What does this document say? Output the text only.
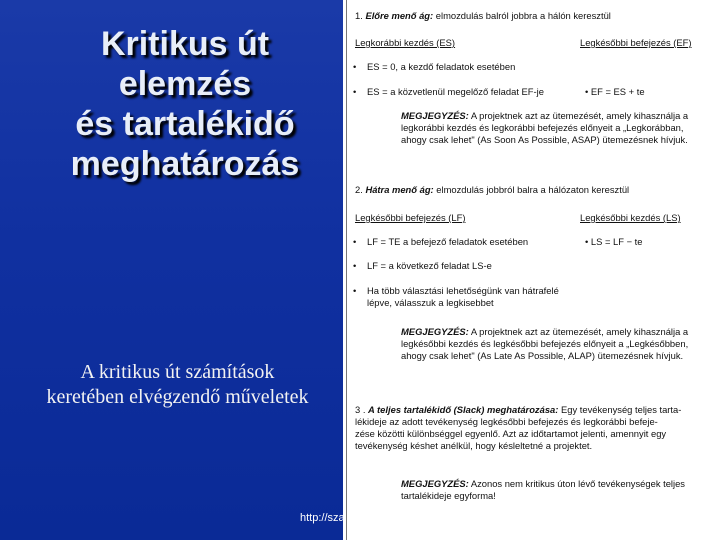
Kritikus út
elemzés
és tartalékidő
meghatározás
A kritikus út számítások keretében elvégzendő műveletek
1. Előre menő ág: elmozdulás balról jobbra a hálón keresztül
Legkorábbi kezdés (ES)	Legkésőbbi befejezés (EF)
• ES = 0, a kezdő feladatok esetében
• ES = a közvetlenül megelőző feladat EF-je	• EF = ES + te
MEGJEGYZÉS: A projektnek azt az ütemezését, amely kihasználja a
legkorábbi kezdés és legkorábbi befejezés előnyeit a „Legkorábban,
ahogy csak lehet" (As Soon As Possible, ASAP) ütemezésnek hívjuk.
2. Hátra menő ág: elmozdulás jobbról balra a hálózaton keresztül
Legkésőbbi befejezés (LF)	Legkésőbbi kezdés (LS)
• LF = TE a befejező feladatok esetében	• LS = LF − te
• LF = a következő feladat LS-e
• Ha több választási lehetőségünk van hátrafelé
lépve, válasszuk a legkisebbet
MEGJEGYZÉS: A projektnek azt az ütemezését, amely kihasználja a
legkésőbbi kezdés és legkésőbbi befejezés előnyeit a „Legkésőbben,
ahogy csak lehet" (As Late As Possible, ALAP) ütemezésnek hívjuk.
3 . A teljes tartalékidő (Slack) meghatározása: Egy tevékenység teljes tarta-
lékideje az adott tevékenység legkésőbbi befejezés és legkorábbi befeje-
zése közötti különbséggel egyenlő. Azt az időtartamot jelenti, amennyit egy
tevékenység késhet anélkül, hogy késleltetné a projektet.
MEGJEGYZÉS: Azonos nem kritikus úton lévő tevékenységek teljes
tartalékideje egyforma!
http://sza
